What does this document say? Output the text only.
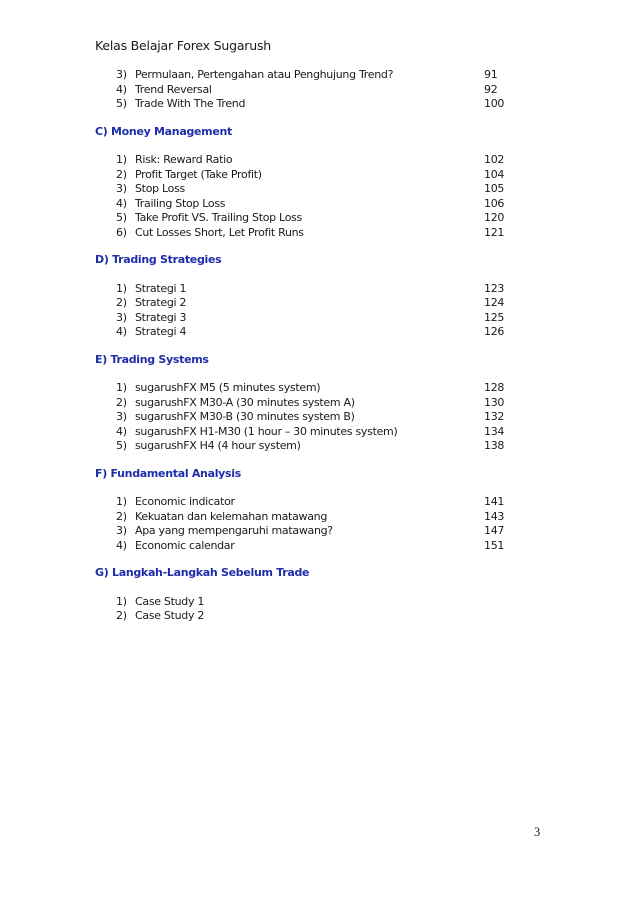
Kelas Belajar Forex Sugarush
3) Permulaan, Pertengahan atau Penghujung Trend?	91
4) Trend Reversal	92
5) Trade With The Trend	100
C) Money Management
1) Risk: Reward Ratio	102
2) Profit Target (Take Profit)	104
3) Stop Loss	105
4) Trailing Stop Loss	106
5) Take Profit VS. Trailing Stop Loss	120
6) Cut Losses Short, Let Profit Runs	121
D) Trading Strategies
1) Strategi 1	123
2) Strategi 2	124
3) Strategi 3	125
4) Strategi 4	126
E) Trading Systems
1) sugarushFX M5 (5 minutes system)	128
2) sugarushFX M30-A (30 minutes system A)	130
3) sugarushFX M30-B (30 minutes system B)	132
4) sugarushFX H1-M30 (1 hour – 30 minutes system)	134
5) sugarushFX H4 (4 hour system)	138
F) Fundamental Analysis
1) Economic indicator	141
2) Kekuatan dan kelemahan matawang	143
3) Apa yang mempengaruhi matawang?	147
4) Economic calendar	151
G) Langkah-Langkah Sebelum Trade
1) Case Study 1
2) Case Study 2
3
